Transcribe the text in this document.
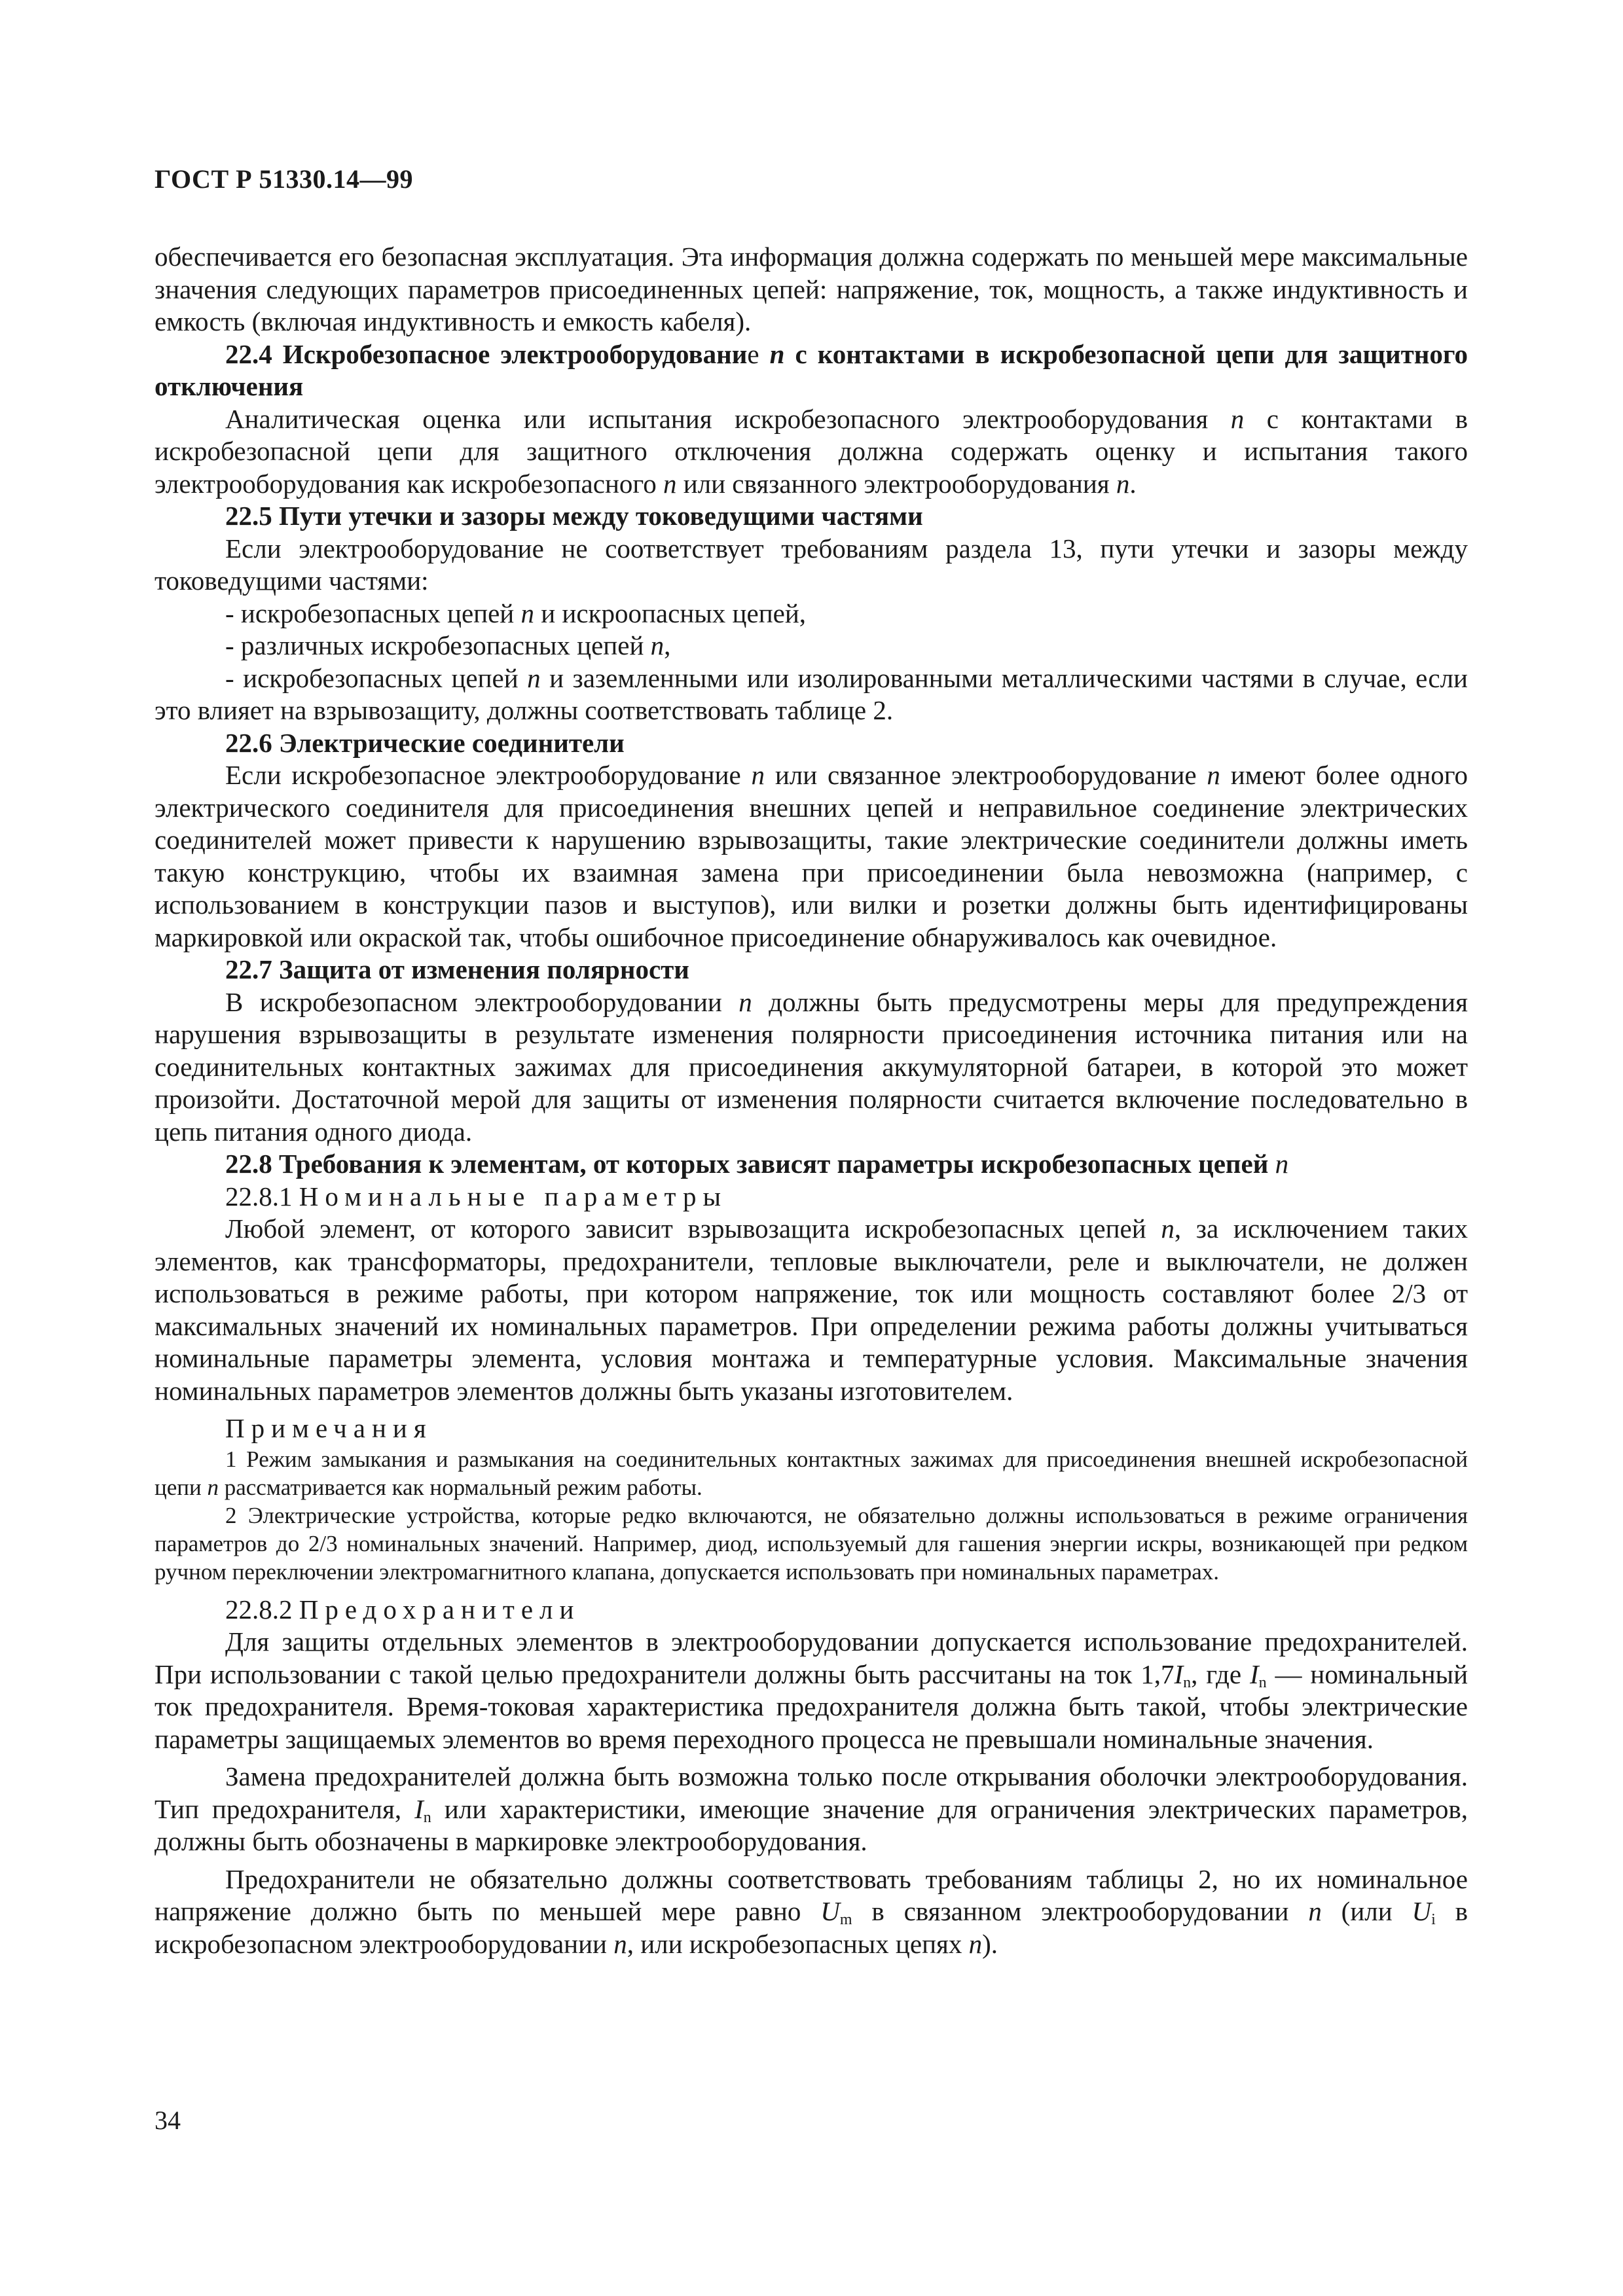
ГОСТ Р 51330.14—99

обеспечивается его безопасная эксплуатация. Эта информация должна содержать по меньшей мере максимальные значения следующих параметров присоединенных цепей: напряжение, ток, мощность, а также индуктивность и емкость (включая индуктивность и емкость кабеля).

22.4 Искробезопасное электрооборудование n с контактами в искробезопасной цепи для защитного отключения

Аналитическая оценка или испытания искробезопасного электрооборудования n с контактами в искробезопасной цепи для защитного отключения должна содержать оценку и испытания такого электрооборудования как искробезопасного n или связанного электрооборудования n.

22.5 Пути утечки и зазоры между токоведущими частями

Если электрооборудование не соответствует требованиям раздела 13, пути утечки и зазоры между токоведущими частями:

- искробезопасных цепей n и искроопасных цепей,

- различных искробезопасных цепей n,

- искробезопасных цепей n и заземленными или изолированными металлическими частями в случае, если это влияет на взрывозащиту, должны соответствовать таблице 2.

22.6 Электрические соединители

Если искробезопасное электрооборудование n или связанное электрооборудование n имеют более одного электрического соединителя для присоединения внешних цепей и неправильное соединение электрических соединителей может привести к нарушению взрывозащиты, такие электрические соединители должны иметь такую конструкцию, чтобы их взаимная замена при присоединении была невозможна (например, с использованием в конструкции пазов и выступов), или вилки и розетки должны быть идентифицированы маркировкой или окраской так, чтобы ошибочное присоединение обнаруживалось как очевидное.

22.7 Защита от изменения полярности

В искробезопасном электрооборудовании n должны быть предусмотрены меры для предупреждения нарушения взрывозащиты в результате изменения полярности присоединения источника питания или на соединительных контактных зажимах для присоединения аккумуляторной батареи, в которой это может произойти. Достаточной мерой для защиты от изменения полярности считается включение последовательно в цепь питания одного диода.

22.8 Требования к элементам, от которых зависят параметры искробезопасных цепей n

22.8.1 Номинальные параметры

Любой элемент, от которого зависит взрывозащита искробезопасных цепей n, за исключением таких элементов, как трансформаторы, предохранители, тепловые выключатели, реле и выключатели, не должен использоваться в режиме работы, при котором напряжение, ток или мощность составляют более 2/3 от максимальных значений их номинальных параметров. При определении режима работы должны учитываться номинальные параметры элемента, условия монтажа и температурные условия. Максимальные значения номинальных параметров элементов должны быть указаны изготовителем.

Примечания

1 Режим замыкания и размыкания на соединительных контактных зажимах для присоединения внешней искробезопасной цепи n рассматривается как нормальный режим работы.

2 Электрические устройства, которые редко включаются, не обязательно должны использоваться в режиме ограничения параметров до 2/3 номинальных значений. Например, диод, используемый для гашения энергии искры, возникающей при редком ручном переключении электромагнитного клапана, допускается использовать при номинальных параметрах.

22.8.2 Предохранители

Для защиты отдельных элементов в электрооборудовании допускается использование предохранителей. При использовании с такой целью предохранители должны быть рассчитаны на ток $1,7I_n$, где $I_n$ — номинальный ток предохранителя. Время-токовая характеристика предохранителя должна быть такой, чтобы электрические параметры защищаемых элементов во время переходного процесса не превышали номинальные значения.

Замена предохранителей должна быть возможна только после открывания оболочки электрооборудования. Тип предохранителя, $I_n$ или характеристики, имеющие значение для ограничения электрических параметров, должны быть обозначены в маркировке электрооборудования.

Предохранители не обязательно должны соответствовать требованиям таблицы 2, но их номинальное напряжение должно быть по меньшей мере равно $U_m$ в связанном электрооборудовании n (или $U_i$ в искробезопасном электрооборудовании n, или искробезопасных цепях n).

34
